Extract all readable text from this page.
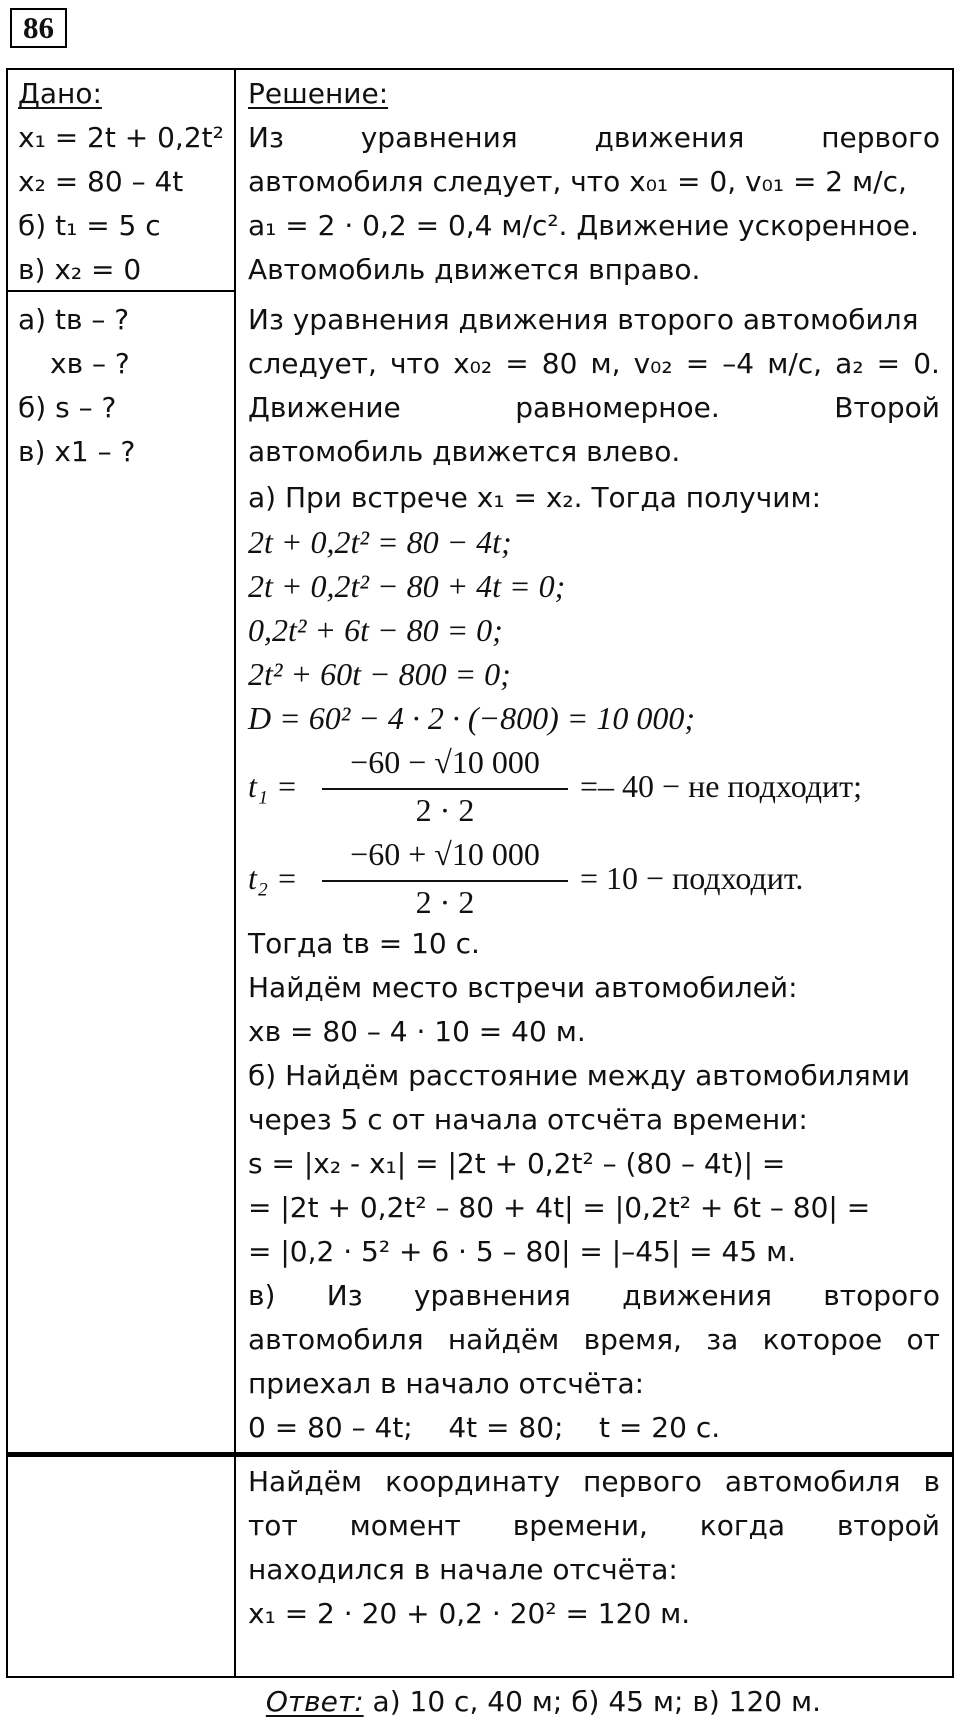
86
Дано:
x₁ = 2t + 0,2t²
x₂ = 80 – 4t
б) t₁ = 5 с
в) x₂ = 0
а) tв – ?
xв – ?
б) s – ?
в) x1 – ?
Решение:
Из	уравнения	движения	первого
автомобиля следует, что x₀₁ = 0, v₀₁ = 2 м/с,
a₁ = 2 · 0,2 = 0,4 м/с². Движение ускоренное.
Автомобиль движется вправо.
Из уравнения движения второго автомобиля
следует, что x₀₂ = 80 м, v₀₂ = –4 м/с, a₂ = 0.
Движение	равномерное.	Второй
автомобиль движется влево.
а) При встрече x₁ = x₂. Тогда получим:
2t + 0,2t² = 80 − 4t;
2t + 0,2t² − 80 + 4t = 0;
0,2t² + 6t − 80 = 0;
2t² + 60t − 800 = 0;
D = 60² − 4 · 2 · (−800) = 10 000;
t₁ =
−60 − √10 000
2 · 2
=– 40 − не подходит;
t₂ =
−60 + √10 000
2 · 2
= 10 − подходит.
Тогда tв = 10 с.
Найдём место встречи автомобилей:
xв = 80 – 4 · 10 = 40 м.
б) Найдём расстояние между автомобилями
через 5 с от начала отсчёта времени:
s = |x₂ - x₁| = |2t + 0,2t² – (80 – 4t)| =
= |2t + 0,2t² – 80 + 4t| = |0,2t² + 6t – 80| =
= |0,2 · 5² + 6 · 5 – 80| = |–45| = 45 м.
в) Из уравнения движения второго
автомобиля найдём время, за которое от
приехал в начало отсчёта:
0 = 80 – 4t;    4t = 80;    t = 20 с.
Найдём координату первого автомобиля в
тот момент времени, когда второй
находился в начале отсчёта:
x₁ = 2 · 20 + 0,2 · 20² = 120 м.

Ответ: а) 10 с, 40 м; б) 45 м; в) 120 м.
